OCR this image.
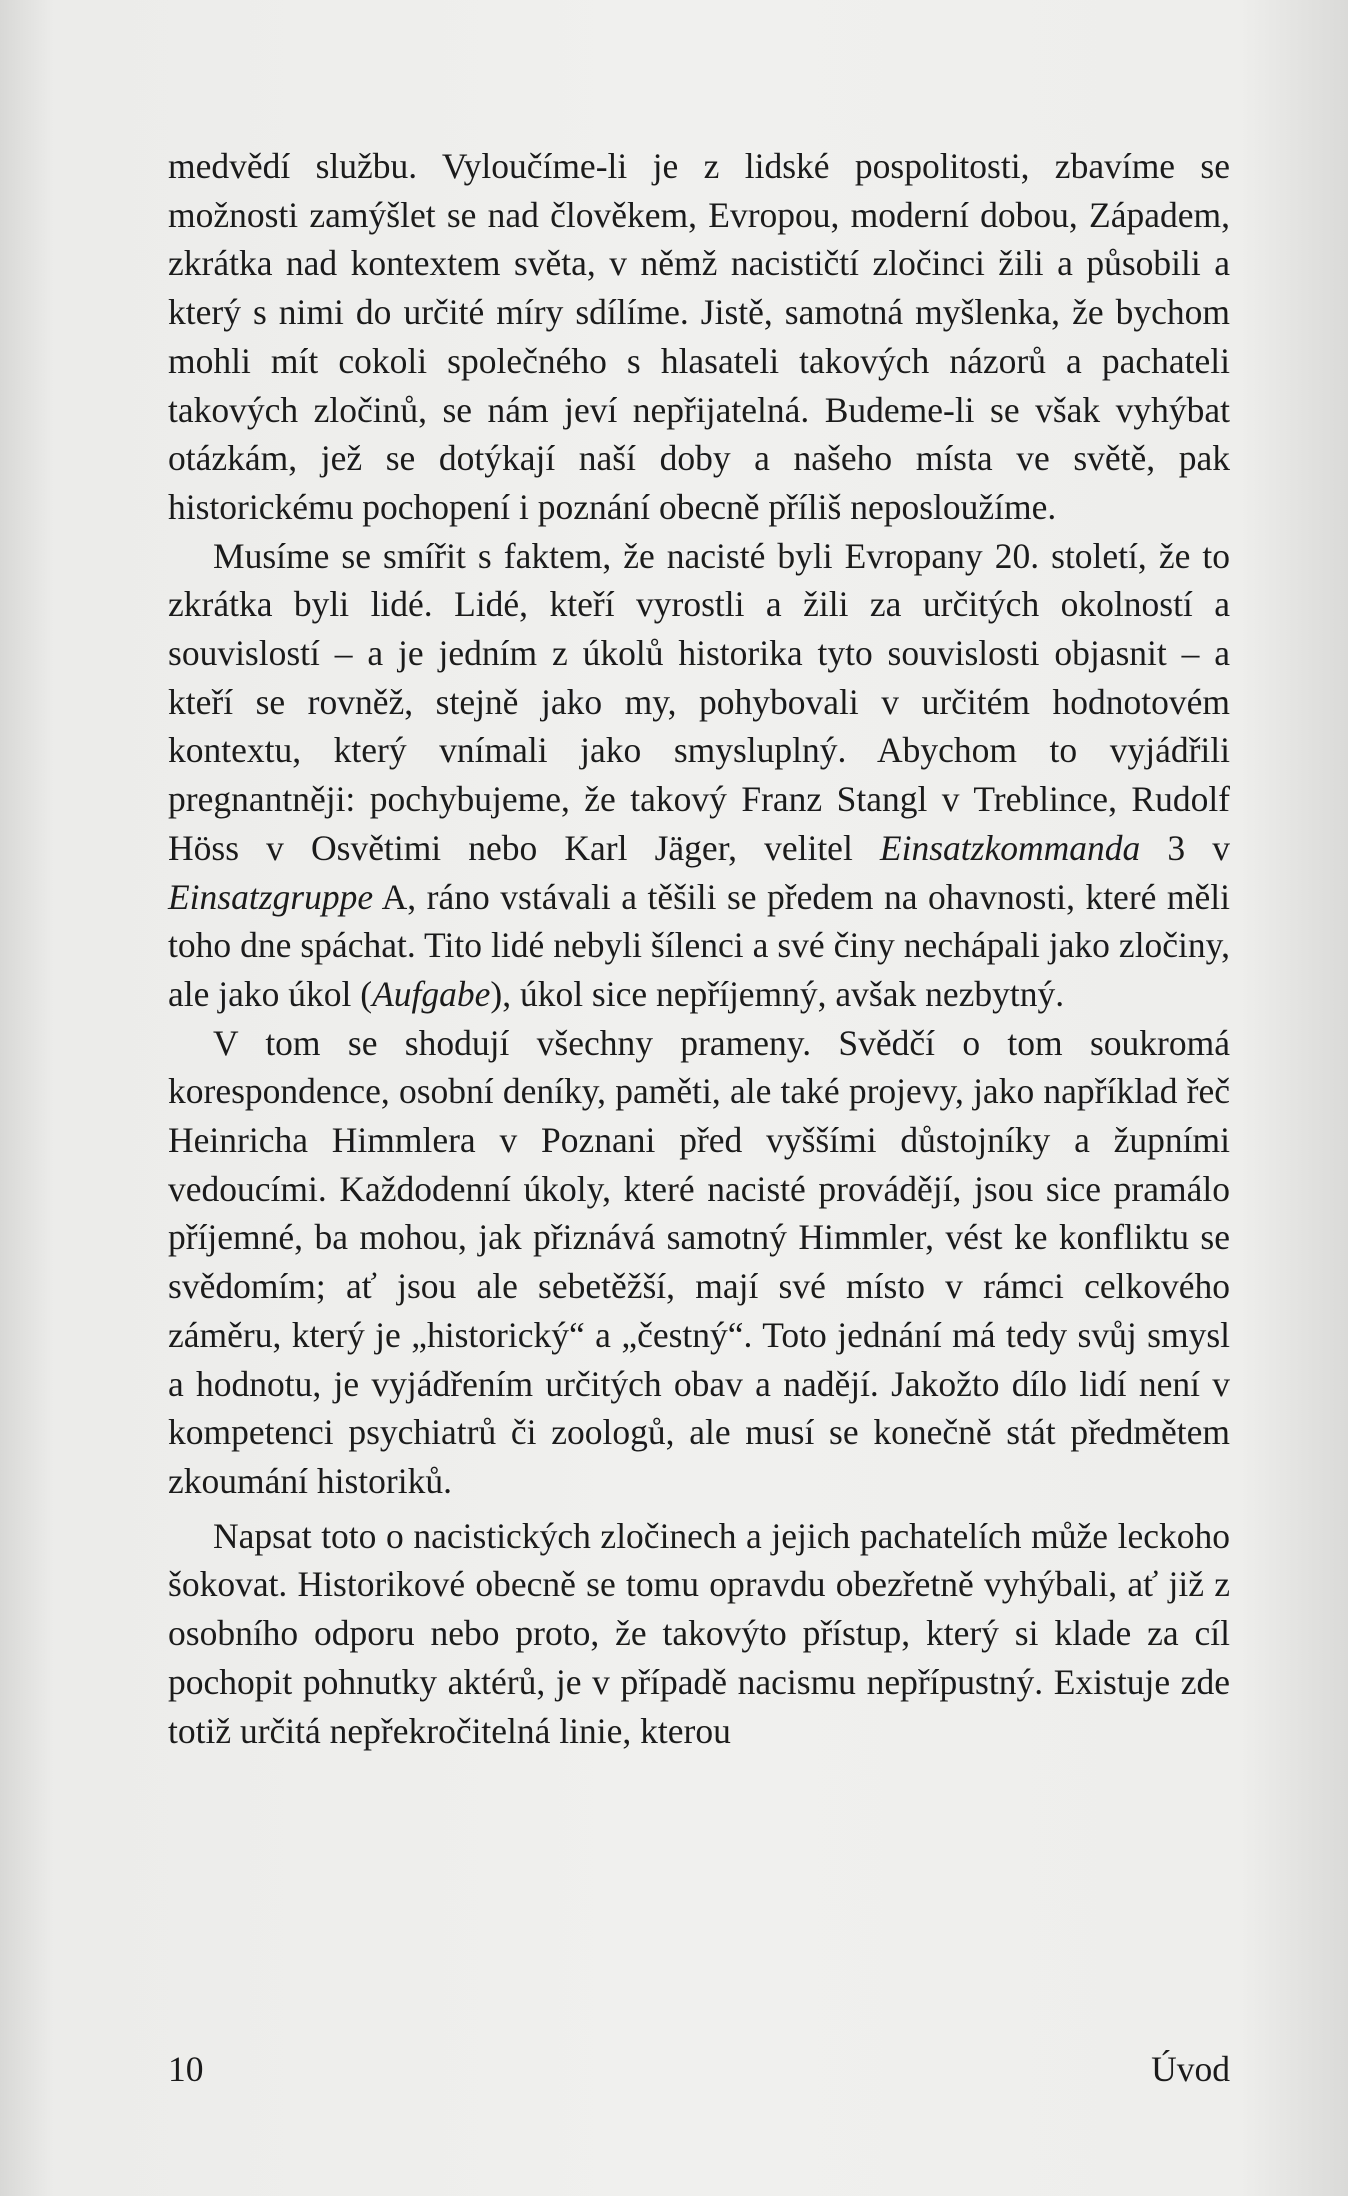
medvědí službu. Vyloučíme-li je z lidské pospolitosti, zbavíme se možnosti zamýšlet se nad člověkem, Evropou, moderní dobou, Západem, zkrátka nad kontextem světa, v němž nacističtí zločinci žili a působili a který s nimi do určité míry sdílíme. Jistě, samotná myšlenka, že bychom mohli mít cokoli společného s hlasateli takových názorů a pachateli takových zločinů, se nám jeví nepřijatelná. Budeme-li se však vyhýbat otázkám, jež se dotýkají naší doby a našeho místa ve světě, pak historickému pochopení i poznání obecně příliš neposloužíme.

Musíme se smířit s faktem, že nacisté byli Evropany 20. století, že to zkrátka byli lidé. Lidé, kteří vyrostli a žili za určitých okolností a souvislostí – a je jedním z úkolů historika tyto souvislosti objasnit – a kteří se rovněž, stejně jako my, pohybovali v určitém hodnotovém kontextu, který vnímali jako smysluplný. Abychom to vyjádřili pregnantněji: pochybujeme, že takový Franz Stangl v Treblince, Rudolf Höss v Osvětimi nebo Karl Jäger, velitel Einsatzkommanda 3 v Einsatzgruppe A, ráno vstávali a těšili se předem na ohavnosti, které měli toho dne spáchat. Tito lidé nebyli šílenci a své činy nechápali jako zločiny, ale jako úkol (Aufgabe), úkol sice nepříjemný, avšak nezbytný.

V tom se shodují všechny prameny. Svědčí o tom soukromá korespondence, osobní deníky, paměti, ale také projevy, jako například řeč Heinricha Himmlera v Poznani před vyššími důstojníky a župními vedoucími. Každodenní úkoly, které nacisté provádějí, jsou sice pramálo příjemné, ba mohou, jak přiznává samotný Himmler, vést ke konfliktu se svědomím; ať jsou ale sebetěžší, mají své místo v rámci celkového záměru, který je „historický“ a „čestný“. Toto jednání má tedy svůj smysl a hodnotu, je vyjádřením určitých obav a nadějí. Jakožto dílo lidí není v kompetenci psychiatrů či zoologů, ale musí se konečně stát předmětem zkoumání historiků.

Napsat toto o nacistických zločinech a jejich pachatelích může leckoho šokovat. Historikové obecně se tomu opravdu obezřetně vyhýbali, ať již z osobního odporu nebo proto, že takovýto přístup, který si klade za cíl pochopit pohnutky aktérů, je v případě nacismu nepřípustný. Existuje zde totiž určitá nepřekročitelná linie, kterou

10	Úvod
